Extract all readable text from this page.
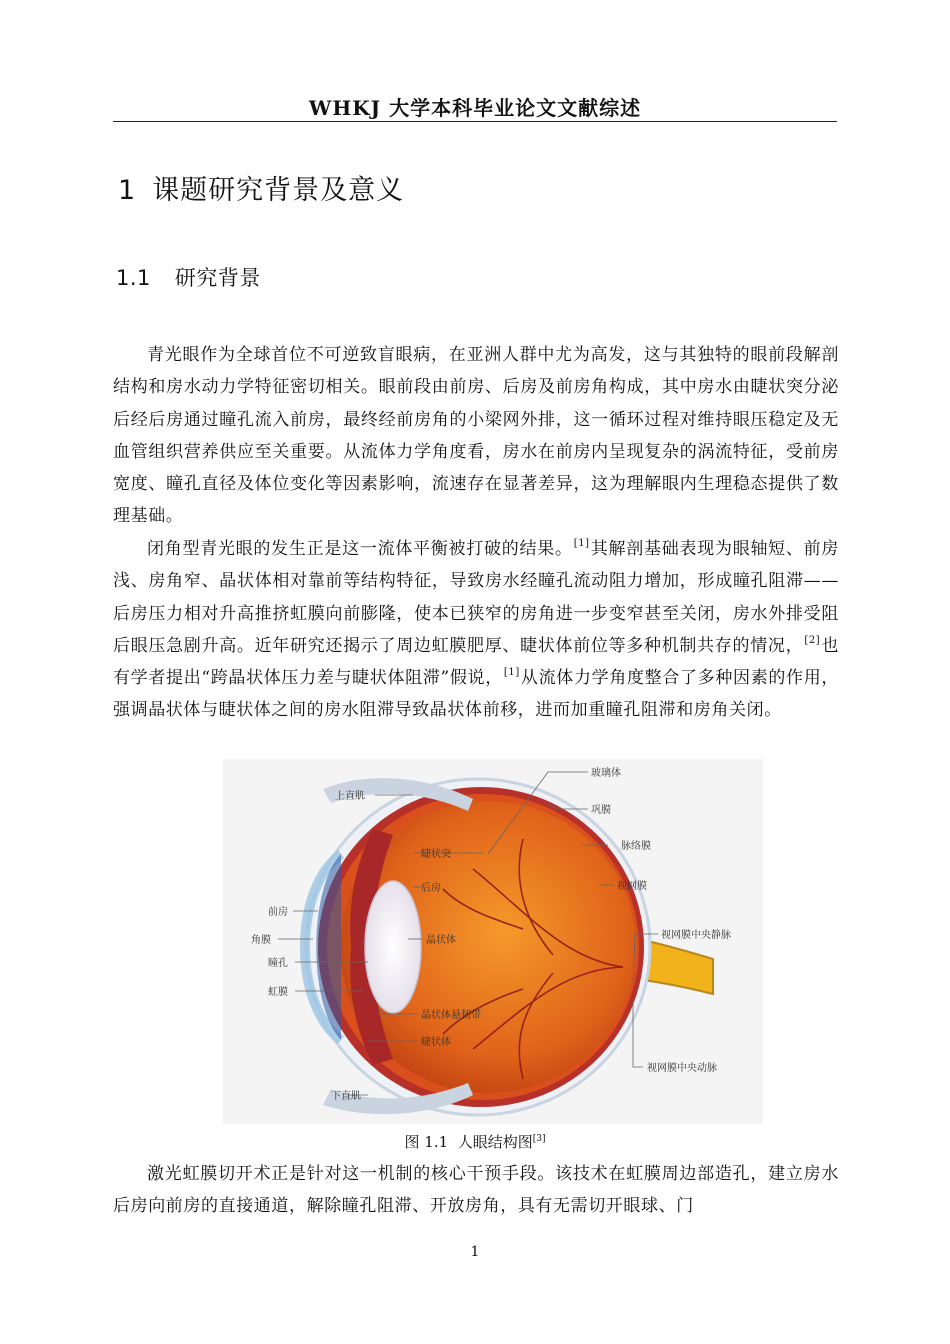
WHKJ 大学本科毕业论文文献综述
1 课题研究背景及意义
1.1 研究背景

青光眼作为全球首位不可逆致盲眼病，在亚洲人群中尤为高发，这与其独特的眼前段解剖结构和房水动力学特征密切相关。眼前段由前房、后房及前房角构成，其中房水由睫状突分泌后经后房通过瞳孔流入前房，最终经前房角的小梁网外排，这一循环过程对维持眼压稳定及无血管组织营养供应至关重要。从流体力学角度看，房水在前房内呈现复杂的涡流特征，受前房宽度、瞳孔直径及体位变化等因素影响，流速存在显著差异，这为理解眼内生理稳态提供了数理基础。

闭角型青光眼的发生正是这一流体平衡被打破的结果。[1]其解剖基础表现为眼轴短、前房浅、房角窄、晶状体相对靠前等结构特征，导致房水经瞳孔流动阻力增加，形成瞳孔阻滞——后房压力相对升高推挤虹膜向前膨隆，使本已狭窄的房角进一步变窄甚至关闭，房水外排受阻后眼压急剧升高。近年研究还揭示了周边虹膜肥厚、睫状体前位等多种机制共存的情况，[2]也有学者提出“跨晶状体压力差与睫状体阻滞”假说，[1]从流体力学角度整合了多种因素的作用，强调晶状体与睫状体之间的房水阻滞导致晶状体前移，进而加重瞳孔阻滞和房角关闭。

上直肌
玻璃体
巩膜
脉络膜
睫状突
后房	视网膜
前房
角膜	视网膜中央静脉
晶状体
瞳孔
虹膜
晶状体悬韧带
睫状体
视网膜中央动脉
下直肌
图 1.1 人眼结构图[3]

激光虹膜切开术正是针对这一机制的核心干预手段。该技术在虹膜周边部造孔，建立房水后房向前房的直接通道，解除瞳孔阻滞、开放房角，具有无需切开眼球、门

1
